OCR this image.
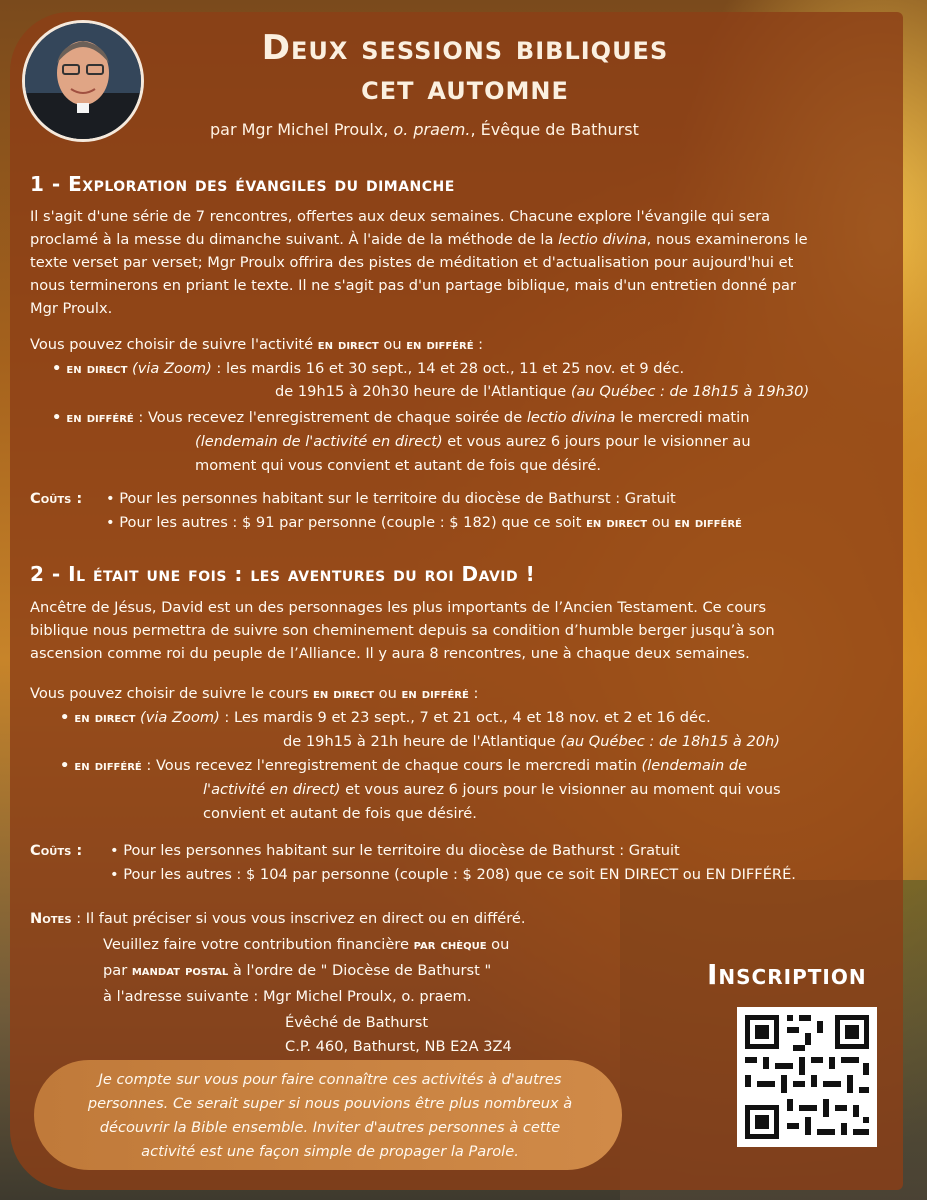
Deux sessions bibliques
cet automne
par Mgr Michel Proulx, o. praem., Évêque de Bathurst
1 - Exploration des évangiles du dimanche
Il s'agit d'une série de 7 rencontres, offertes aux deux semaines. Chacune explore l'évangile qui sera
proclamé à la messe du dimanche suivant. À l'aide de la méthode de la lectio divina, nous examinerons le
texte verset par verset; Mgr Proulx offrira des pistes de méditation et d'actualisation pour aujourd'hui et
nous terminerons en priant le texte. Il ne s'agit pas d'un partage biblique, mais d'un entretien donné par
Mgr Proulx.
Vous pouvez choisir de suivre l'activité en direct ou en différé :
• en direct (via Zoom) : les mardis 16 et 30 sept., 14 et 28 oct., 11 et 25 nov. et 9 déc.
de 19h15 à 20h30 heure de l'Atlantique (au Québec : de 18h15 à 19h30)
• en différé : Vous recevez l'enregistrement de chaque soirée de lectio divina le mercredi matin
(lendemain de l'activité en direct) et vous aurez 6 jours pour le visionner au
moment qui vous convient et autant de fois que désiré.
Coûts : • Pour les personnes habitant sur le territoire du diocèse de Bathurst : Gratuit
• Pour les autres : $ 91 par personne (couple : $ 182) que ce soit en direct ou en différé
2 - Il était une fois : les aventures du roi David !
Ancêtre de Jésus, David est un des personnages les plus importants de l’Ancien Testament. Ce cours
biblique nous permettra de suivre son cheminement depuis sa condition d’humble berger jusqu’à son
ascension comme roi du peuple de l’Alliance. Il y aura 8 rencontres, une à chaque deux semaines.
Vous pouvez choisir de suivre le cours en direct ou en différé :
• en direct (via Zoom) : Les mardis 9 et 23 sept., 7 et 21 oct., 4 et 18 nov. et 2 et 16 déc.
de 19h15 à 21h heure de l'Atlantique (au Québec : de 18h15 à 20h)
• en différé : Vous recevez l'enregistrement de chaque cours le mercredi matin (lendemain de
l'activité en direct) et vous aurez 6 jours pour le visionner au moment qui vous
convient et autant de fois que désiré.
Coûts : • Pour les personnes habitant sur le territoire du diocèse de Bathurst : Gratuit
• Pour les autres : $ 104 par personne (couple : $ 208) que ce soit EN DIRECT ou EN DIFFÉRÉ.
Notes : Il faut préciser si vous vous inscrivez en direct ou en différé.
Veuillez faire votre contribution financière par chèque ou
par mandat postal à l'ordre de " Diocèse de Bathurst "
à l'adresse suivante : Mgr Michel Proulx, o. praem.
Évêché de Bathurst
C.P. 460, Bathurst, NB E2A 3Z4
Inscription
Je compte sur vous pour faire connaître ces activités à d'autres
personnes. Ce serait super si nous pouvions être plus nombreux à
découvrir la Bible ensemble. Inviter d'autres personnes à cette
activité est une façon simple de propager la Parole.
